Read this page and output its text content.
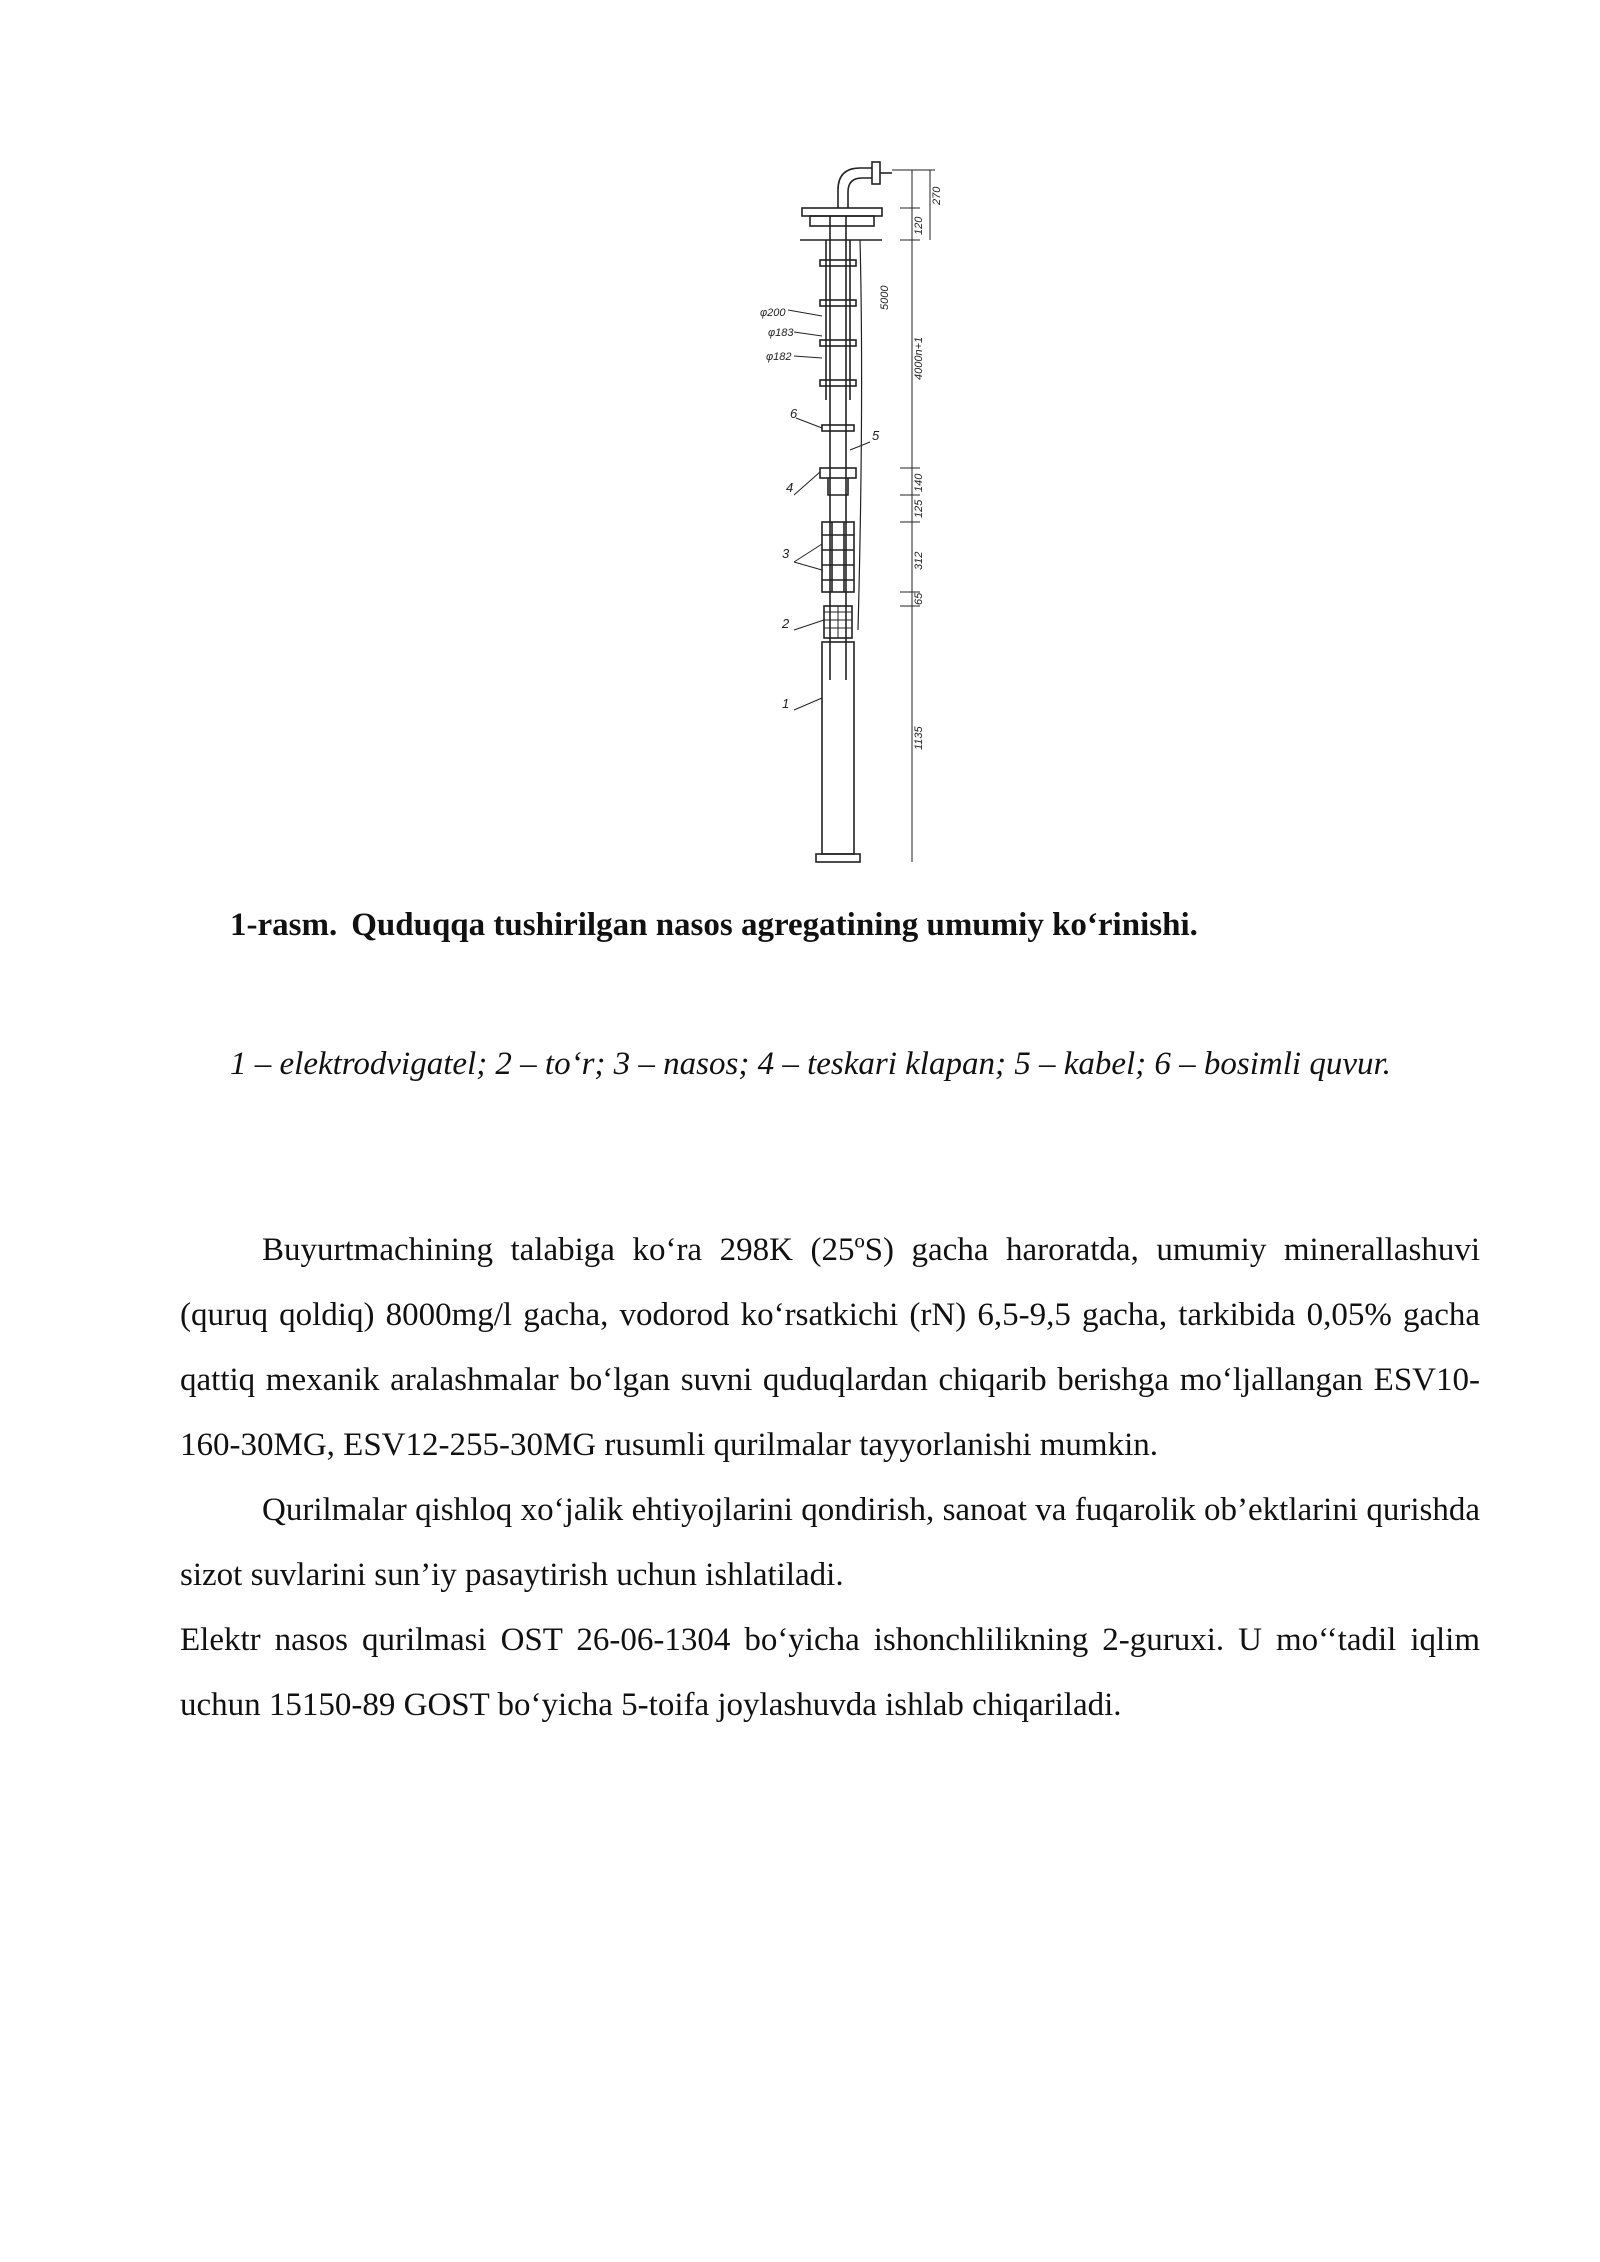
270
120
5000
4000n+1
140
125
312
65
1135
φ200
φ183
φ182
6
5
4
3
2
1
1-rasm. Quduqqa tushirilgan nasos agregatining umumiy ko‘rinishi.
1 – elektrodvigatel; 2 – to‘r; 3 – nasos; 4 – teskari klapan; 5 – kabel; 6 – bosimli quvur.

Buyurtmachining talabiga ko‘ra 298K (25ºS) gacha haroratda, umumiy minerallashuvi (quruq qoldiq) 8000mg/l gacha, vodorod ko‘rsatkichi (rN) 6,5-9,5 gacha, tarkibida 0,05% gacha qattiq mexanik aralashmalar bo‘lgan suvni quduqlardan chiqarib berishga mo‘ljallangan ESV10-160-30MG, ESV12-255-30MG rusumli qurilmalar tayyorlanishi mumkin.

Qurilmalar qishloq xo‘jalik ehtiyojlarini qondirish, sanoat va fuqarolik ob’ektlarini qurishda sizot suvlarini sun’iy pasaytirish uchun ishlatiladi.

Elektr nasos qurilmasi OST 26-06-1304 bo‘yicha ishonchlilikning 2-guruxi. U mo‘‘tadil iqlim uchun 15150-89 GOST bo‘yicha 5-toifa joylashuvda ishlab chiqariladi.
